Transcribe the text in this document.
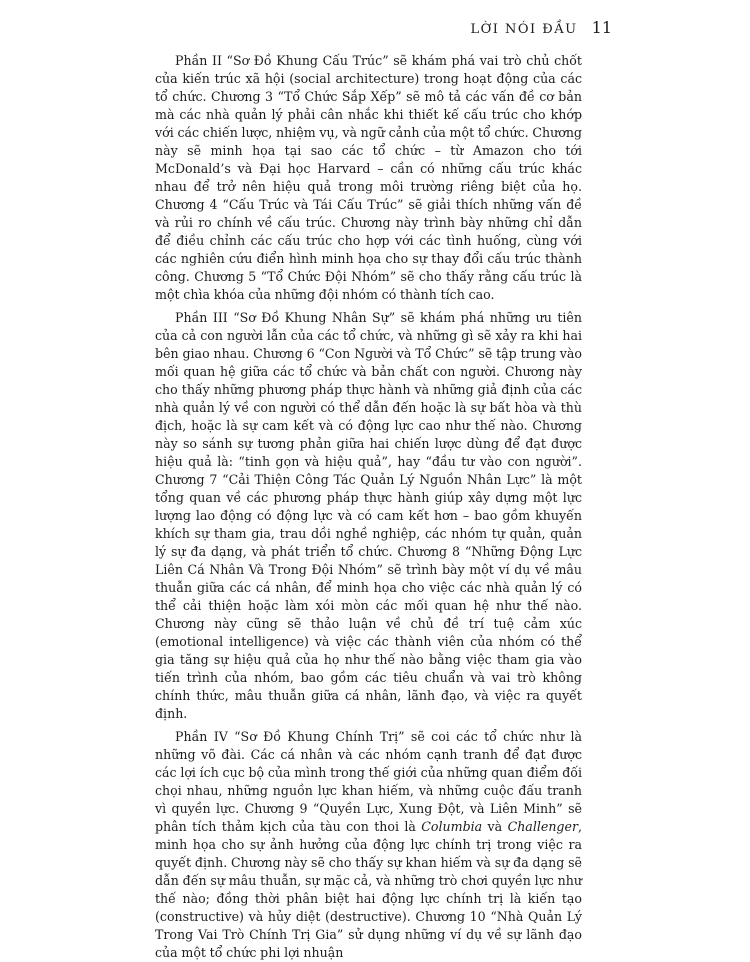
LỜI NÓI ĐẦU 11

Phần II “Sơ Đồ Khung Cấu Trúc” sẽ khám phá vai trò chủ chốt của kiến trúc xã hội (social architecture) trong hoạt động của các tổ chức. Chương 3 “Tổ Chức Sắp Xếp” sẽ mô tả các vấn đề cơ bản mà các nhà quản lý phải cân nhắc khi thiết kế cấu trúc cho khớp với các chiến lược, nhiệm vụ, và ngữ cảnh của một tổ chức. Chương này sẽ minh họa tại sao các tổ chức – từ Amazon cho tới McDonald’s và Đại học Harvard – cần có những cấu trúc khác nhau để trở nên hiệu quả trong môi trường riêng biệt của họ. Chương 4 “Cấu Trúc và Tái Cấu Trúc” sẽ giải thích những vấn đề và rủi ro chính về cấu trúc. Chương này trình bày những chỉ dẫn để điều chỉnh các cấu trúc cho hợp với các tình huống, cùng với các nghiên cứu điển hình minh họa cho sự thay đổi cấu trúc thành công. Chương 5 “Tổ Chức Đội Nhóm” sẽ cho thấy rằng cấu trúc là một chìa khóa của những đội nhóm có thành tích cao.

Phần III “Sơ Đồ Khung Nhân Sự” sẽ khám phá những ưu tiên của cả con người lẫn của các tổ chức, và những gì sẽ xảy ra khi hai bên giao nhau. Chương 6 “Con Người và Tổ Chức” sẽ tập trung vào mối quan hệ giữa các tổ chức và bản chất con người. Chương này cho thấy những phương pháp thực hành và những giả định của các nhà quản lý về con người có thể dẫn đến hoặc là sự bất hòa và thù địch, hoặc là sự cam kết và có động lực cao như thế nào. Chương này so sánh sự tương phản giữa hai chiến lược dùng để đạt được hiệu quả là: “tinh gọn và hiệu quả”, hay “đầu tư vào con người”. Chương 7 “Cải Thiện Công Tác Quản Lý Nguồn Nhân Lực” là một tổng quan về các phương pháp thực hành giúp xây dựng một lực lượng lao động có động lực và có cam kết hơn – bao gồm khuyến khích sự tham gia, trau dồi nghề nghiệp, các nhóm tự quản, quản lý sự đa dạng, và phát triển tổ chức. Chương 8 “Những Động Lực Liên Cá Nhân Và Trong Đội Nhóm” sẽ trình bày một ví dụ về mâu thuẫn giữa các cá nhân, để minh họa cho việc các nhà quản lý có thể cải thiện hoặc làm xói mòn các mối quan hệ như thế nào. Chương này cũng sẽ thảo luận về chủ đề trí tuệ cảm xúc (emotional intelligence) và việc các thành viên của nhóm có thể gia tăng sự hiệu quả của họ như thế nào bằng việc tham gia vào tiến trình của nhóm, bao gồm các tiêu chuẩn và vai trò không chính thức, mâu thuẫn giữa cá nhân, lãnh đạo, và việc ra quyết định.

Phần IV “Sơ Đồ Khung Chính Trị” sẽ coi các tổ chức như là những võ đài. Các cá nhân và các nhóm cạnh tranh để đạt được các lợi ích cục bộ của mình trong thế giới của những quan điểm đối chọi nhau, những nguồn lực khan hiếm, và những cuộc đấu tranh vì quyền lực. Chương 9 “Quyền Lực, Xung Đột, và Liên Minh” sẽ phân tích thảm kịch của tàu con thoi là Columbia và Challenger, minh họa cho sự ảnh hưởng của động lực chính trị trong việc ra quyết định. Chương này sẽ cho thấy sự khan hiếm và sự đa dạng sẽ dẫn đến sự mâu thuẫn, sự mặc cả, và những trò chơi quyền lực như thế nào; đồng thời phân biệt hai động lực chính trị là kiến tạo (constructive) và hủy diệt (destructive). Chương 10 “Nhà Quản Lý Trong Vai Trò Chính Trị Gia” sử dụng những ví dụ về sự lãnh đạo của một tổ chức phi lợi nhuận
